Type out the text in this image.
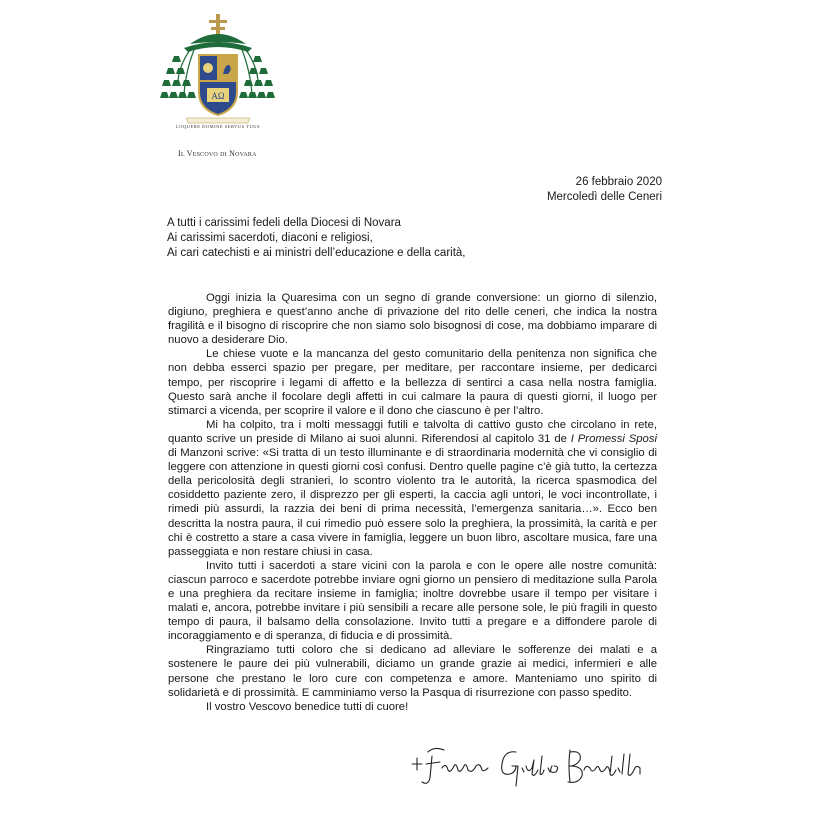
AΩ
LOQUERE DOMINE SERVUS TUUS
Il Vescovo di Novara
26 febbraio 2020
Mercoledì delle Ceneri
A tutti i carissimi fedeli della Diocesi di Novara
Ai carissimi sacerdoti, diaconi e religiosi,
Ai cari catechisti e ai ministri dell’educazione e della carità,

Oggi inizia la Quaresima con un segno di grande conversione: un giorno di silenzio, digiuno, preghiera e quest’anno anche di privazione del rito delle ceneri, che indica la nostra fragilità e il bisogno di riscoprire che non siamo solo bisognosi di cose, ma dobbiamo imparare di nuovo a desiderare Dio.

Le chiese vuote e la mancanza del gesto comunitario della penitenza non significa che non debba esserci spazio per pregare, per meditare, per raccontare insieme, per dedicarci tempo, per riscoprire i legami di affetto e la bellezza di sentirci a casa nella nostra famiglia. Questo sarà anche il focolare degli affetti in cui calmare la paura di questi giorni, il luogo per stimarci a vicenda, per scoprire il valore e il dono che ciascuno è per l’altro.

Mi ha colpito, tra i molti messaggi futili e talvolta di cattivo gusto che circolano in rete, quanto scrive un preside di Milano ai suoi alunni. Riferendosi al capitolo 31 de I Promessi Sposi di Manzoni scrive: «Si tratta di un testo illuminante e di straordinaria modernità che vi consiglio di leggere con attenzione in questi giorni così confusi. Dentro quelle pagine c’è già tutto, la certezza della pericolosità degli stranieri, lo scontro violento tra le autorità, la ricerca spasmodica del cosiddetto paziente zero, il disprezzo per gli esperti, la caccia agli untori, le voci incontrollate, i rimedi più assurdi, la razzia dei beni di prima necessità, l’emergenza sanitaria…». Ecco ben descritta la nostra paura, il cui rimedio può essere solo la preghiera, la prossimità, la carità e per chi è costretto a stare a casa vivere in famiglia, leggere un buon libro, ascoltare musica, fare una passeggiata e non restare chiusi in casa.

Invito tutti i sacerdoti a stare vicini con la parola e con le opere alle nostre comunità: ciascun parroco e sacerdote potrebbe inviare ogni giorno un pensiero di meditazione sulla Parola e una preghiera da recitare insieme in famiglia; inoltre dovrebbe usare il tempo per visitare i malati e, ancora, potrebbe invitare i più sensibili a recare alle persone sole, le più fragili in questo tempo di paura, il balsamo della consolazione. Invito tutti a pregare e a diffondere parole di incoraggiamento e di speranza, di fiducia e di prossimità.

Ringraziamo tutti coloro che si dedicano ad alleviare le sofferenze dei malati e a sostenere le paure dei più vulnerabili, diciamo un grande grazie ai medici, infermieri e alle persone che prestano le loro cure con competenza e amore. Manteniamo uno spirito di solidarietà e di prossimità. E camminiamo verso la Pasqua di risurrezione con passo spedito.

Il vostro Vescovo benedice tutti di cuore!
